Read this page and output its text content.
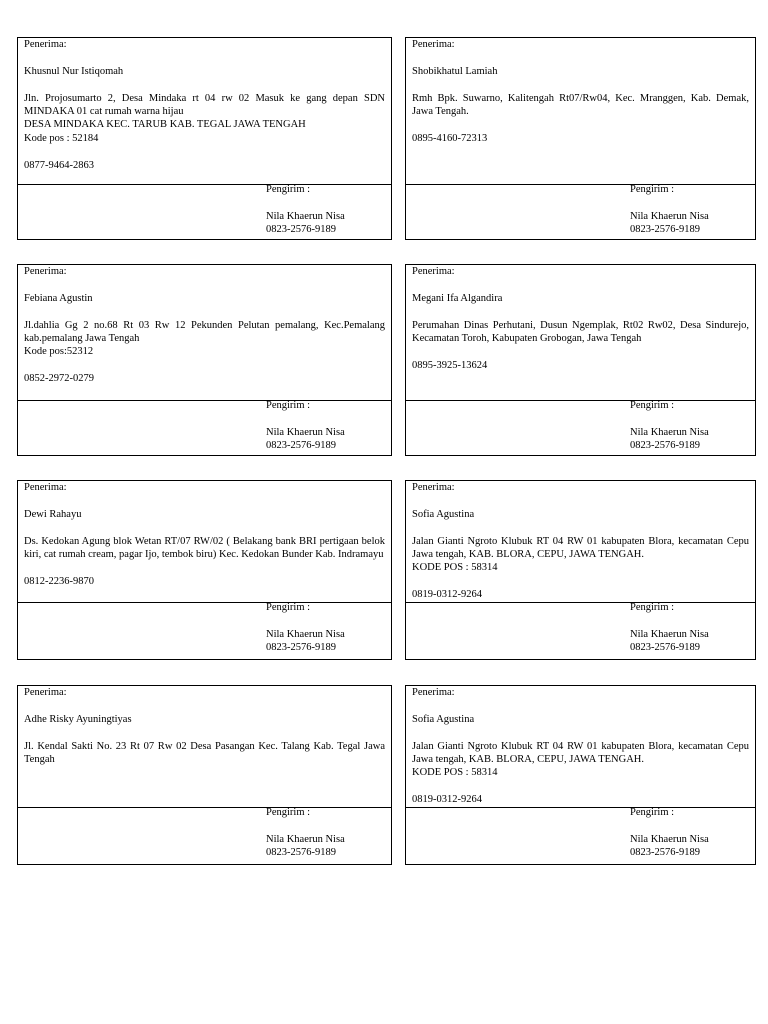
Penerima:
Khusnul Nur Istiqomah
Jln. Projosumarto 2, Desa Mindaka rt 04 rw 02 Masuk ke gang depan SDN MINDAKA 01 cat rumah warna hijau
DESA MINDAKA KEC. TARUB KAB. TEGAL JAWA TENGAH
Kode pos : 52184
0877-9464-2863
Pengirim :
Nila Khaerun Nisa
0823-2576-9189
Penerima:
Shobikhatul Lamiah
Rmh Bpk. Suwarno, Kalitengah Rt07/Rw04, Kec. Mranggen, Kab. Demak, Jawa Tengah.
0895-4160-72313
Pengirim :
Nila Khaerun Nisa
0823-2576-9189
Penerima:
Febiana Agustin
Jl.dahlia Gg 2 no.68 Rt 03 Rw 12 Pekunden Pelutan pemalang, Kec.Pemalang kab.pemalang Jawa Tengah
Kode pos:52312
0852-2972-0279
Pengirim :
Nila Khaerun Nisa
0823-2576-9189
Penerima:
Megani Ifa Algandira
Perumahan Dinas Perhutani, Dusun Ngemplak, Rt02 Rw02, Desa Sindurejo, Kecamatan Toroh, Kabupaten Grobogan, Jawa Tengah
0895-3925-13624
Pengirim :
Nila Khaerun Nisa
0823-2576-9189
Penerima:
Dewi Rahayu
Ds. Kedokan Agung blok Wetan RT/07 RW/02 ( Belakang bank BRI pertigaan belok kiri, cat rumah cream, pagar Ijo, tembok biru) Kec. Kedokan Bunder Kab. Indramayu
0812-2236-9870
Pengirim :
Nila Khaerun Nisa
0823-2576-9189
Penerima:
Sofia Agustina
Jalan Gianti Ngroto Klubuk RT 04 RW 01 kabupaten Blora, kecamatan Cepu Jawa tengah, KAB. BLORA, CEPU, JAWA TENGAH.
KODE POS : 58314
0819-0312-9264
Pengirim :
Nila Khaerun Nisa
0823-2576-9189
Penerima:
Adhe Risky Ayuningtiyas
Jl. Kendal Sakti No. 23 Rt 07 Rw 02 Desa Pasangan Kec. Talang Kab. Tegal Jawa Tengah
Pengirim :
Nila Khaerun Nisa
0823-2576-9189
Penerima:
Sofia Agustina
Jalan Gianti Ngroto Klubuk RT 04 RW 01 kabupaten Blora, kecamatan Cepu Jawa tengah, KAB. BLORA, CEPU, JAWA TENGAH.
KODE POS : 58314
0819-0312-9264
Pengirim :
Nila Khaerun Nisa
0823-2576-9189
